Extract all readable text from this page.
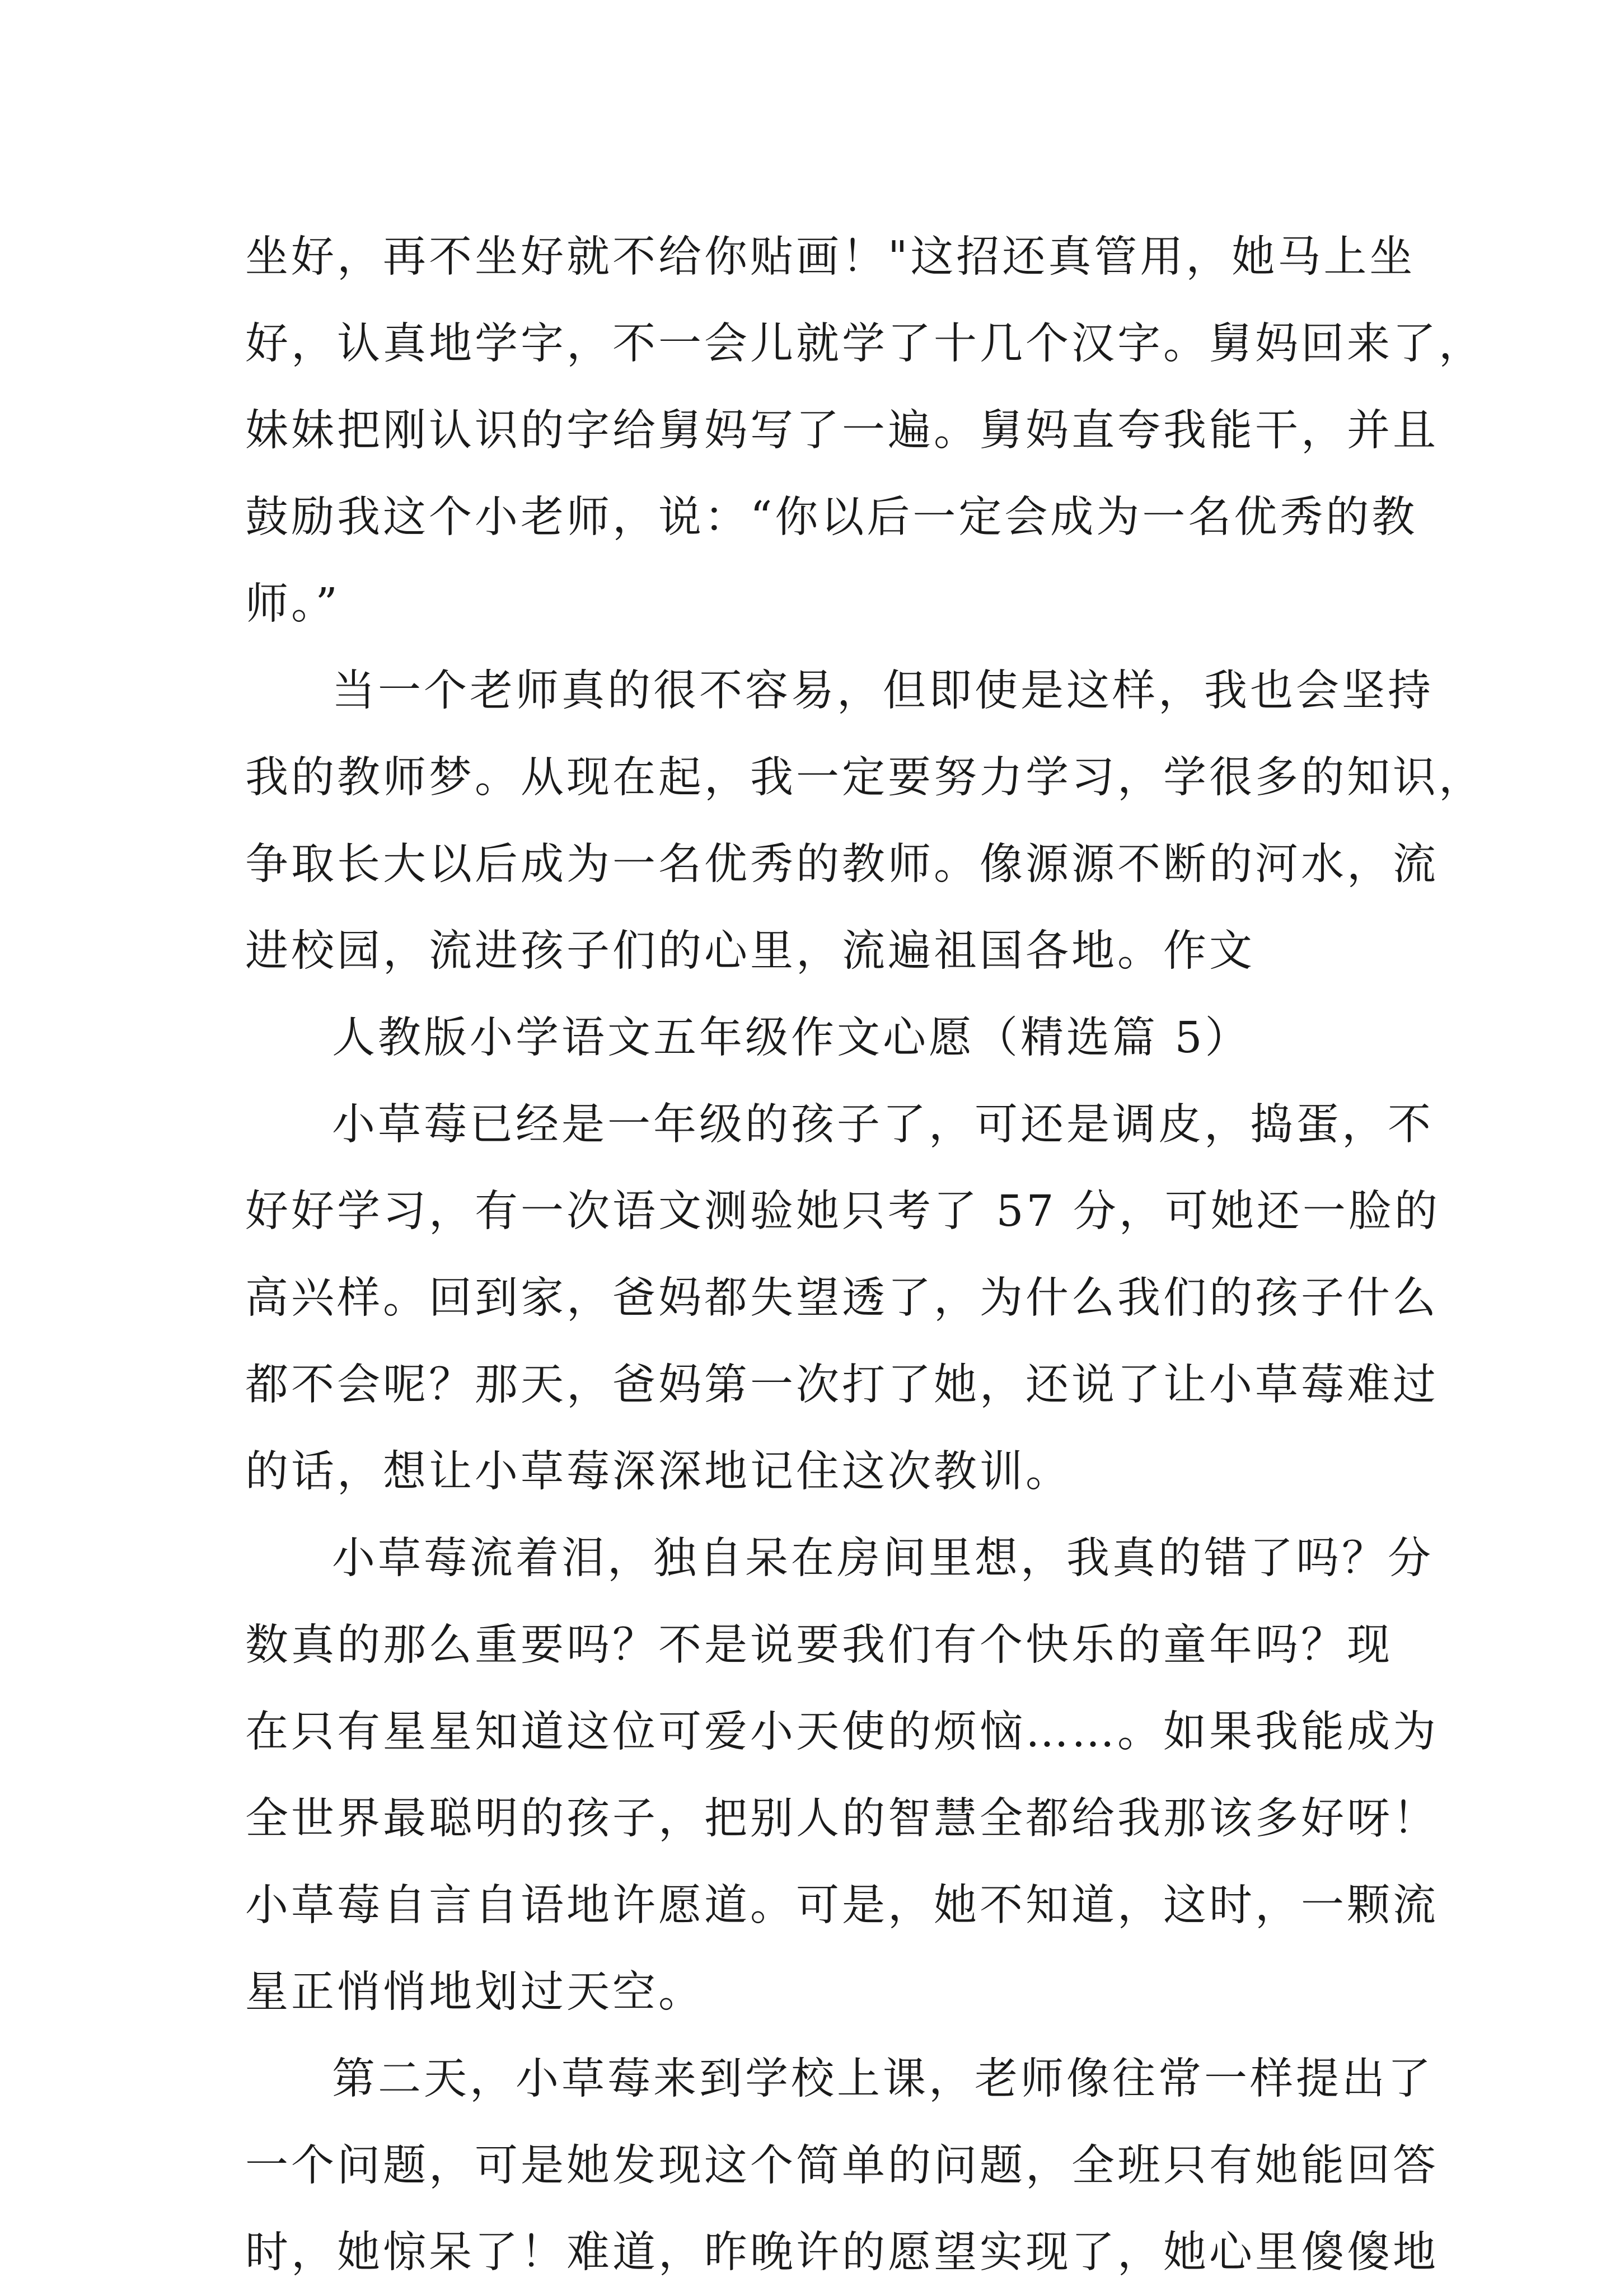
坐好，再不坐好就不给你贴画！"这招还真管用，她马上坐
好，认真地学字，不一会儿就学了十几个汉字。舅妈回来了，
妹妹把刚认识的字给舅妈写了一遍。舅妈直夸我能干，并且
鼓励我这个小老师，说：“你以后一定会成为一名优秀的教
师。”
当一个老师真的很不容易，但即使是这样，我也会坚持
我的教师梦。从现在起，我一定要努力学习，学很多的知识，
争取长大以后成为一名优秀的教师。像源源不断的河水，流
进校园，流进孩子们的心里，流遍祖国各地。作文
人教版小学语文五年级作文心愿（精选篇 5）
小草莓已经是一年级的孩子了，可还是调皮，捣蛋，不
好好学习，有一次语文测验她只考了 57 分，可她还一脸的
高兴样。回到家，爸妈都失望透了，为什么我们的孩子什么
都不会呢？那天，爸妈第一次打了她，还说了让小草莓难过
的话，想让小草莓深深地记住这次教训。
小草莓流着泪，独自呆在房间里想，我真的错了吗？分
数真的那么重要吗？不是说要我们有个快乐的童年吗？现
在只有星星知道这位可爱小天使的烦恼……。如果我能成为
全世界最聪明的孩子，把别人的智慧全都给我那该多好呀！
小草莓自言自语地许愿道。可是，她不知道，这时，一颗流
星正悄悄地划过天空。
第二天，小草莓来到学校上课，老师像往常一样提出了
一个问题，可是她发现这个简单的问题，全班只有她能回答
时，她惊呆了！难道，昨晚许的愿望实现了，她心里傻傻地
